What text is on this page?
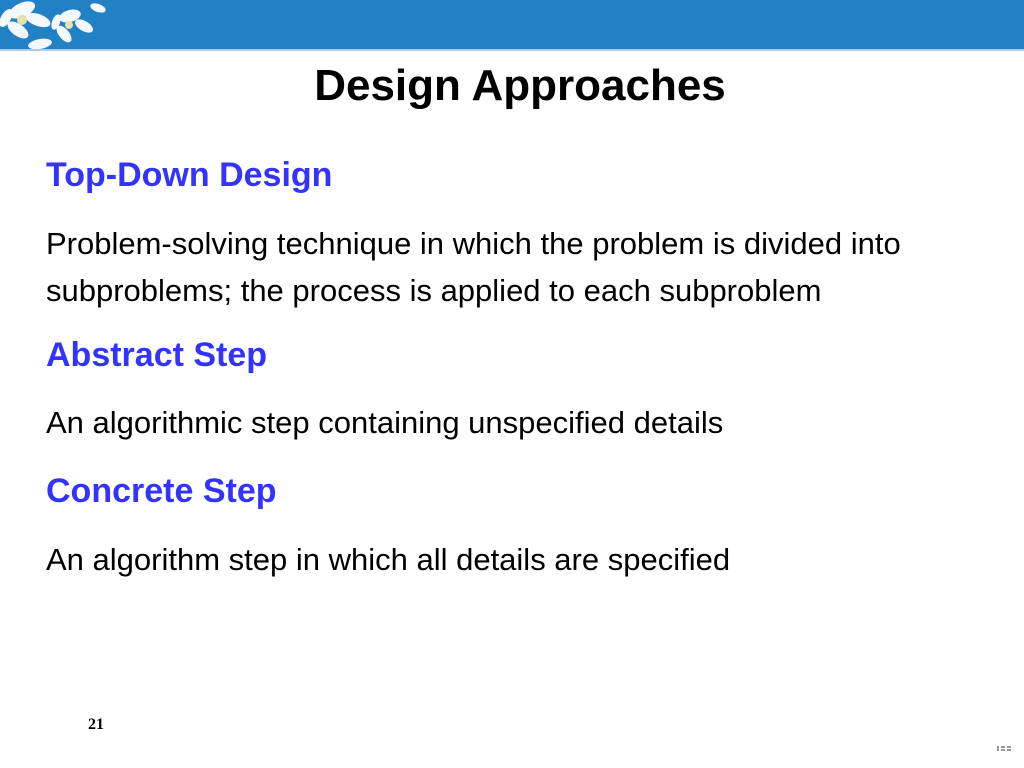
Design Approaches

Top-Down Design

Problem-solving technique in which the problem is divided into subproblems; the process is applied to each subproblem

Abstract Step

An algorithmic step containing unspecified details

Concrete Step

An algorithm step in which all details are specified

21
